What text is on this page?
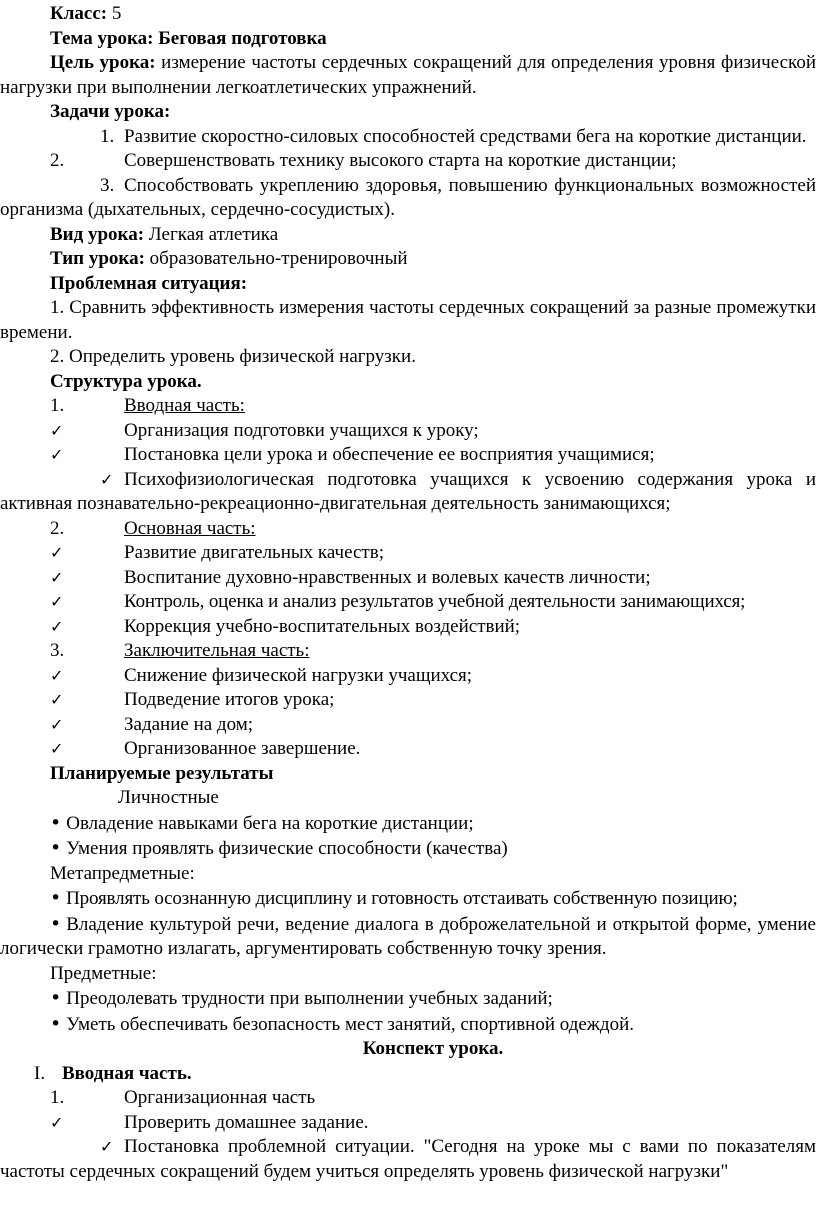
Класс: 5

Тема урока: Беговая подготовка

Цель урока: измерение частоты сердечных сокращений для определения уровня физической нагрузки при выполнении легкоатлетических упражнений.

Задачи урока:

1. Развитие скоростно-силовых способностей средствами бега на короткие дистанции.

2.	Совершенствовать технику высокого старта на короткие дистанции;

3. Способствовать укреплению здоровья, повышению функциональных возможностей организма (дыхательных, сердечно-сосудистых).

Вид урока: Легкая атлетика

Тип урока: образовательно-тренировочный

Проблемная ситуация:

1. Сравнить эффективность измерения частоты сердечных сокращений за разные промежутки времени.

2. Определить уровень физической нагрузки.

Структура урока.

1.	Вводная часть:

✓Организация подготовки учащихся к уроку;

✓Постановка цели урока и обеспечение ее восприятия учащимися;

✓Психофизиологическая подготовка учащихся к усвоению содержания урока и активная познавательно-рекреационно-двигательная деятельность занимающихся;

2.	Основная часть:

✓Развитие двигательных качеств;

✓Воспитание духовно-нравственных и волевых качеств личности;

✓Контроль, оценка и анализ результатов учебной деятельности занимающихся;

✓Коррекция учебно-воспитательных воздействий;

3.	Заключительная часть:

✓Снижение физической нагрузки учащихся;

✓Подведение итогов урока;

✓Задание на дом;

✓Организованное завершение.

Планируемые результаты

Личностные

• Овладение навыками бега на короткие дистанции;

• Умения проявлять физические способности (качества)

Метапредметные:

• Проявлять осознанную дисциплину и готовность отстаивать собственную позицию;

• Владение культурой речи, ведение диалога в доброжелательной и открытой форме, умение логически грамотно излагать, аргументировать собственную точку зрения.

Предметные:

• Преодолевать трудности при выполнении учебных заданий;

• Уметь обеспечивать безопасность мест занятий, спортивной одеждой.

Конспект урока.

I. Вводная часть.

1.	Организационная часть

✓Проверить домашнее задание.

✓Постановка проблемной ситуации. "Сегодня на уроке мы с вами по показателям частоты сердечных сокращений будем учиться определять уровень физической нагрузки"
